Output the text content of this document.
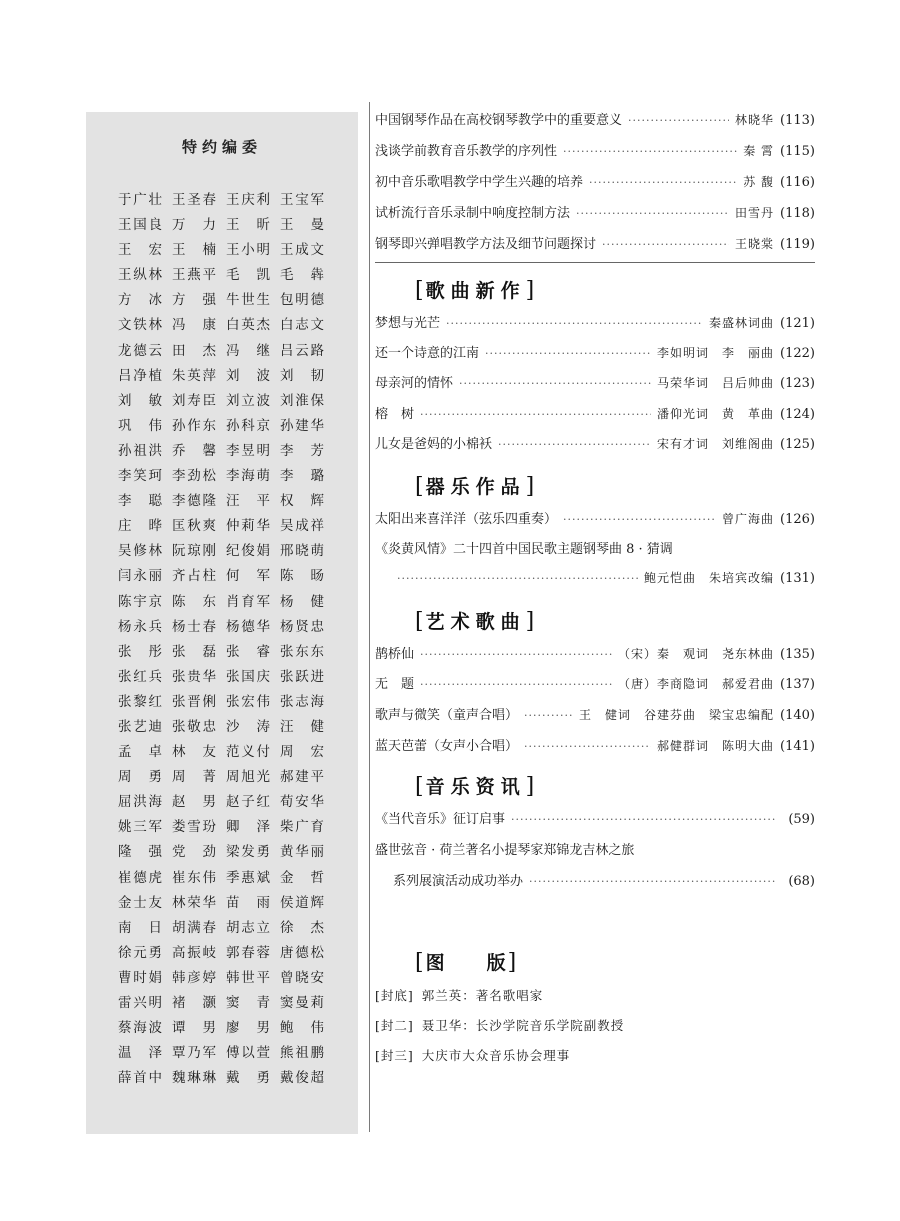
特约编委
于广壮 王圣春 王庆利 王宝军
王国良 万 力 王 昕 王 曼
王 宏 王 楠 王小明 王成文
王纵林 王燕平 毛 凯 毛 犇
方 冰 方 强 牛世生 包明德
文铁林 冯 康 白英杰 白志文
龙德云 田 杰 冯 继 吕云路
吕净植 朱英萍 刘 波 刘 韧
刘 敏 刘寿臣 刘立波 刘淮保
巩 伟 孙作东 孙科京 孙建华
孙祖洪 乔 馨 李昱明 李 芳
李笑珂 李劲松 李海萌 李 璐
李 聪 李德隆 汪 平 权 辉
庄 晔 匡秋爽 仲莉华 吴成祥
吴修林 阮琼刚 纪俊娟 邢晓萌
闫永丽 齐占柱 何 军 陈 旸
陈宇京 陈 东 肖育军 杨 健
杨永兵 杨士春 杨德华 杨贤忠
张 彤 张 磊 张 睿 张东东
张红兵 张贵华 张国庆 张跃进
张黎红 张晋俐 张宏伟 张志海
张艺迪 张敬忠 沙 涛 汪 健
孟 卓 林 友 范义付 周 宏
周 勇 周 菁 周旭光 郝建平
屈洪海 赵 男 赵子红 荀安华
姚三军 娄雪玢 卿 泽 柴广育
隆 强 党 劲 梁发勇 黄华丽
崔德虎 崔东伟 季惠斌 金 哲
金士友 林荣华 苗 雨 侯道辉
南 日 胡满春 胡志立 徐 杰
徐元勇 高振岐 郭春蓉 唐德松
曹时娟 韩彦婷 韩世平 曾晓安
雷兴明 褚 灏 窦 青 窦曼莉
蔡海波 谭 男 廖 男 鲍 伟
温 泽 覃乃军 傅以萱 熊祖鹏
薛首中 魏琳琳 戴 勇 戴俊超
中国钢琴作品在高校钢琴教学中的重要意义 ·····	林晓华 (113)
浅谈学前教育音乐教学的序列性 ·····	秦 霄 (115)
初中音乐歌唱教学中学生兴趣的培养 ·····	苏 馥 (116)
试析流行音乐录制中响度控制方法 ·····	田雪丹 (118)
钢琴即兴弹唱教学方法及细节问题探讨 ·····	王晓棠 (119)
[歌曲新作]
梦想与光芒 ·····	秦盛林词曲 (121)
还一个诗意的江南 ·····	李如明词　李　丽曲 (122)
母亲河的情怀 ·····	马荣华词　吕后帅曲 (123)
榕　树 ·····	潘仰光词　黄　革曲 (124)
儿女是爸妈的小棉袄 ·····	宋有才词　刘维阁曲 (125)
[器乐作品]
太阳出来喜洋洋（弦乐四重奏） ·····	曾广海曲 (126)
《炎黄风情》二十四首中国民歌主题钢琴曲 8 · 猜调
·····
鲍元恺曲　朱培宾改编 (131)
[艺术歌曲]
鹊桥仙 ·····	（宋）秦　观词　尧东林曲 (135)
无　题 ·····	（唐）李商隐词　郝爱君曲 (137)
歌声与微笑（童声合唱） ·····	王　健词　谷建芬曲　梁宝忠编配 (140)
蓝天芭蕾（女声小合唱） ·····	郝健群词　陈明大曲 (141)
[音乐资讯]
《当代音乐》征订启事 ·····	(59)
盛世弦音 · 荷兰著名小提琴家郑锦龙吉林之旅
系列展演活动成功举办 ·····	(68)
[图 版]
[封底] 郭兰英：著名歌唱家
[封二] 聂卫华：长沙学院音乐学院副教授
[封三] 大庆市大众音乐协会理事
